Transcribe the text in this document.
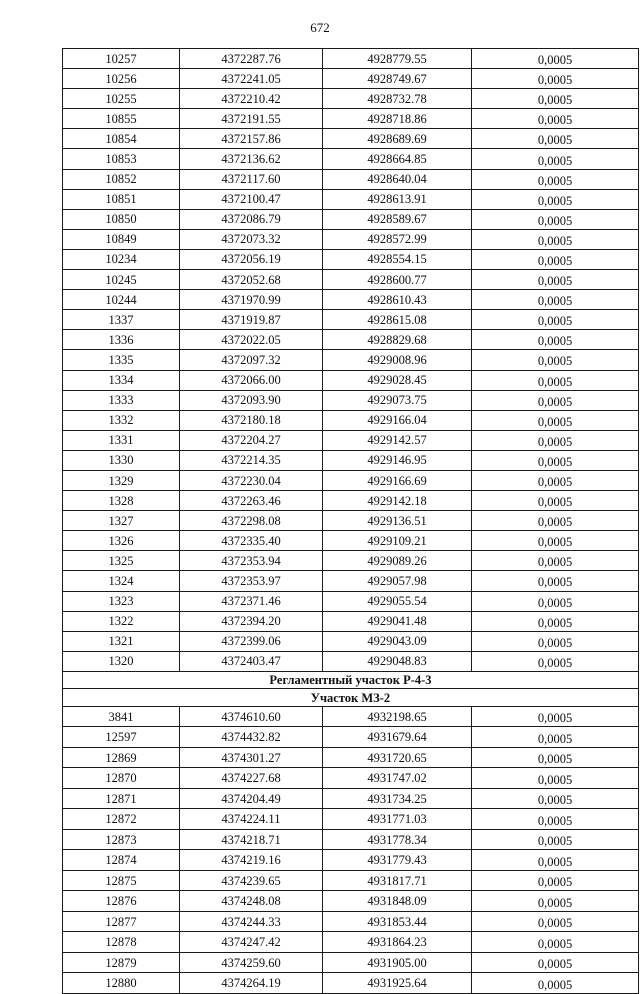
672
10257	4372287.76	4928779.55	0,0005
10256	4372241.05	4928749.67	0,0005
10255	4372210.42	4928732.78	0,0005
10855	4372191.55	4928718.86	0,0005
10854	4372157.86	4928689.69	0,0005
10853	4372136.62	4928664.85	0,0005
10852	4372117.60	4928640.04	0,0005
10851	4372100.47	4928613.91	0,0005
10850	4372086.79	4928589.67	0,0005
10849	4372073.32	4928572.99	0,0005
10234	4372056.19	4928554.15	0,0005
10245	4372052.68	4928600.77	0,0005
10244	4371970.99	4928610.43	0,0005
1337	4371919.87	4928615.08	0,0005
1336	4372022.05	4928829.68	0,0005
1335	4372097.32	4929008.96	0,0005
1334	4372066.00	4929028.45	0,0005
1333	4372093.90	4929073.75	0,0005
1332	4372180.18	4929166.04	0,0005
1331	4372204.27	4929142.57	0,0005
1330	4372214.35	4929146.95	0,0005
1329	4372230.04	4929166.69	0,0005
1328	4372263.46	4929142.18	0,0005
1327	4372298.08	4929136.51	0,0005
1326	4372335.40	4929109.21	0,0005
1325	4372353.94	4929089.26	0,0005
1324	4372353.97	4929057.98	0,0005
1323	4372371.46	4929055.54	0,0005
1322	4372394.20	4929041.48	0,0005
1321	4372399.06	4929043.09	0,0005
1320	4372403.47	4929048.83	0,0005
Регламентный участок Р-4-3			
Участок МЗ-2			
3841	4374610.60	4932198.65	0,0005
12597	4374432.82	4931679.64	0,0005
12869	4374301.27	4931720.65	0,0005
12870	4374227.68	4931747.02	0,0005
12871	4374204.49	4931734.25	0,0005
12872	4374224.11	4931771.03	0,0005
12873	4374218.71	4931778.34	0,0005
12874	4374219.16	4931779.43	0,0005
12875	4374239.65	4931817.71	0,0005
12876	4374248.08	4931848.09	0,0005
12877	4374244.33	4931853.44	0,0005
12878	4374247.42	4931864.23	0,0005
12879	4374259.60	4931905.00	0,0005
12880	4374264.19	4931925.64	0,0005
